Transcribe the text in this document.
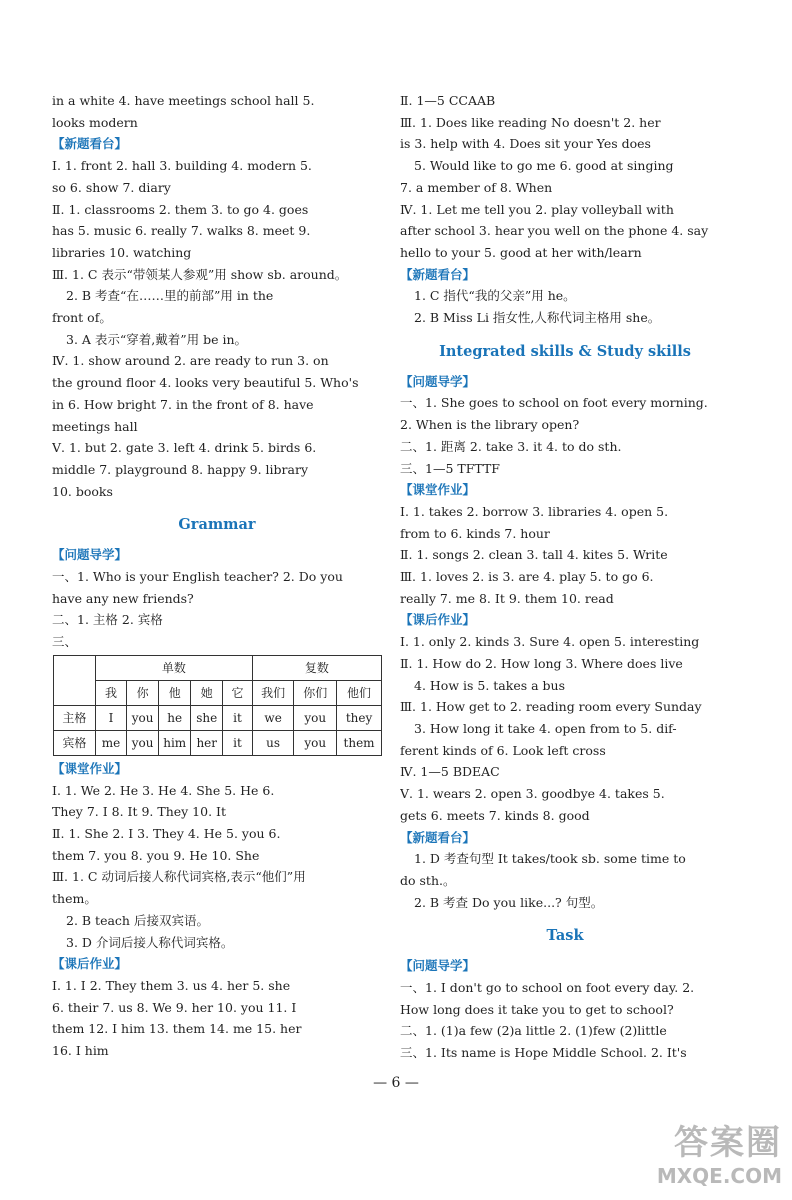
in a white 4. have meetings school hall 5.
looks modern
【新题看台】
Ⅰ. 1. front 2. hall 3. building 4. modern 5.
so 6. show 7. diary
Ⅱ. 1. classrooms 2. them 3. to go 4. goes
has 5. music 6. really 7. walks 8. meet 9.
libraries 10. watching
Ⅲ. 1. C 表示“带领某人参观”用 show sb. around。
2. B 考查“在……里的前部”用 in the
front of。
3. A 表示“穿着,戴着”用 be in。
Ⅳ. 1. show around 2. are ready to run 3. on
the ground floor 4. looks very beautiful 5. Who's
in 6. How bright 7. in the front of 8. have
meetings hall
Ⅴ. 1. but 2. gate 3. left 4. drink 5. birds 6.
middle 7. playground 8. happy 9. library
10. books
Grammar
【问题导学】
一、1. Who is your English teacher? 2. Do you
have any new friends?
二、1. 主格 2. 宾格
三、
	单数					复数		
	我	你	他	她	它	我们	你们	他们
主格	I	you	he	she	it	we	you	they
宾格	me	you	him	her	it	us	you	them
【课堂作业】
Ⅰ. 1. We 2. He 3. He 4. She 5. He 6.
They 7. I 8. It 9. They 10. It
Ⅱ. 1. She 2. I 3. They 4. He 5. you 6.
them 7. you 8. you 9. He 10. She
Ⅲ. 1. C 动词后接人称代词宾格,表示“他们”用
them。
2. B teach 后接双宾语。
3. D 介词后接人称代词宾格。
【课后作业】
Ⅰ. 1. I 2. They them 3. us 4. her 5. she
6. their 7. us 8. We 9. her 10. you 11. I
them 12. I him 13. them 14. me 15. her
16. I him
Ⅱ. 1—5 CCAAB
Ⅲ. 1. Does like reading No doesn't 2. her
is 3. help with 4. Does sit your Yes does
5. Would like to go me 6. good at singing
7. a member of 8. When
Ⅳ. 1. Let me tell you 2. play volleyball with
after school 3. hear you well on the phone 4. say
hello to your 5. good at her with/learn
【新题看台】
1. C 指代“我的父亲”用 he。
2. B Miss Li 指女性,人称代词主格用 she。
Integrated skills & Study skills
【问题导学】
一、1. She goes to school on foot every morning.
2. When is the library open?
二、1. 距离 2. take 3. it 4. to do sth.
三、1—5 TFTTF
【课堂作业】
Ⅰ. 1. takes 2. borrow 3. libraries 4. open 5.
from to 6. kinds 7. hour
Ⅱ. 1. songs 2. clean 3. tall 4. kites 5. Write
Ⅲ. 1. loves 2. is 3. are 4. play 5. to go 6.
really 7. me 8. It 9. them 10. read
【课后作业】
Ⅰ. 1. only 2. kinds 3. Sure 4. open 5. interesting
Ⅱ. 1. How do 2. How long 3. Where does live
4. How is 5. takes a bus
Ⅲ. 1. How get to 2. reading room every Sunday
3. How long it take 4. open from to 5. dif-
ferent kinds of 6. Look left cross
Ⅳ. 1—5 BDEAC
Ⅴ. 1. wears 2. open 3. goodbye 4. takes 5.
gets 6. meets 7. kinds 8. good
【新题看台】
1. D 考查句型 It takes/took sb. some time to
do sth.。
2. B 考查 Do you like...? 句型。
Task
【问题导学】
一、1. I don't go to school on foot every day. 2.
How long does it take you to get to school?
二、1. (1)a few (2)a little 2. (1)few (2)little
三、1. Its name is Hope Middle School. 2. It's
— 6 —
答案圈
MXQE.COM
